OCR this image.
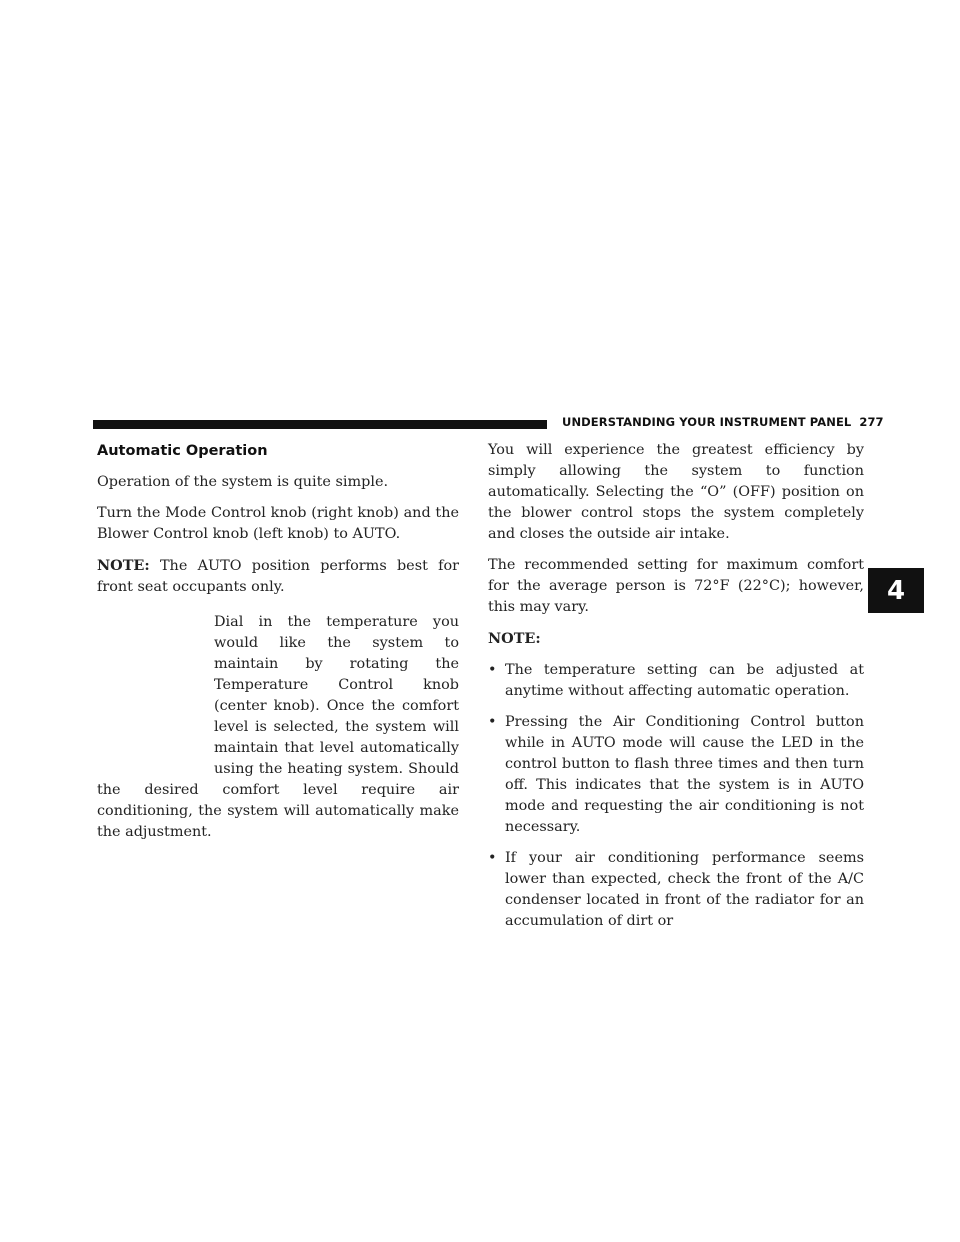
UNDERSTANDING YOUR INSTRUMENT PANEL 277
Automatic Operation

Operation of the system is quite simple.

Turn the Mode Control knob (right knob) and the Blower Control knob (left knob) to AUTO.

NOTE: The AUTO position performs best for front seat occupants only.

Dial in the temperature you would like the system to maintain by rotating the Temperature Control knob (center knob). Once the comfort level is selected, the system will maintain that level automatically using the heating system. Should the desired comfort level require air conditioning, the system will automatically make the adjustment.

You will experience the greatest efficiency by simply allowing the system to function automatically. Selecting the “O” (OFF) position on the blower control stops the system completely and closes the outside air intake.

The recommended setting for maximum comfort for the average person is 72°F (22°C); however, this may vary.

NOTE:

• The temperature setting can be adjusted at anytime without affecting automatic operation.
• Pressing the Air Conditioning Control button while in AUTO mode will cause the LED in the control button to flash three times and then turn off. This indicates that the system is in AUTO mode and requesting the air conditioning is not necessary.
• If your air conditioning performance seems lower than expected, check the front of the A/C condenser located in front of the radiator for an accumulation of dirt or
4
